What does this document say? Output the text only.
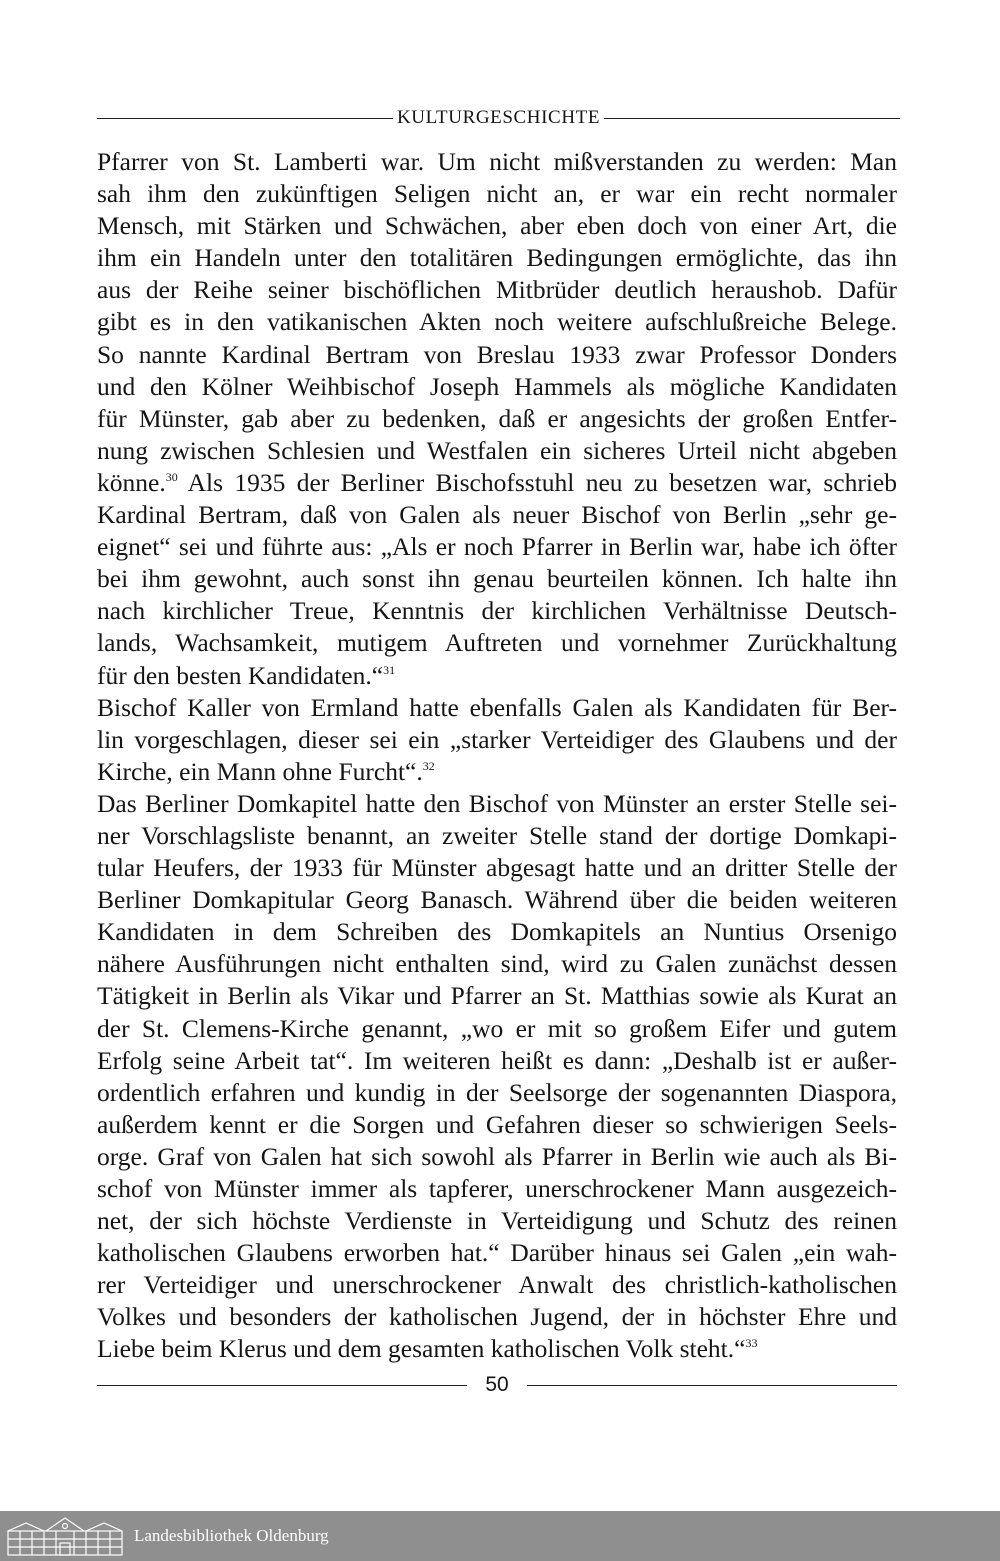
KULTURGESCHICHTE
Pfarrer von St. Lamberti war. Um nicht mißverstanden zu werden: Man
sah ihm den zukünftigen Seligen nicht an, er war ein recht normaler
Mensch, mit Stärken und Schwächen, aber eben doch von einer Art, die
ihm ein Handeln unter den totalitären Bedingungen ermöglichte, das ihn
aus der Reihe seiner bischöflichen Mitbrüder deutlich heraushob. Dafür
gibt es in den vatikanischen Akten noch weitere aufschlußreiche Belege.
So nannte Kardinal Bertram von Breslau 1933 zwar Professor Donders
und den Kölner Weihbischof Joseph Hammels als mögliche Kandidaten
für Münster, gab aber zu bedenken, daß er angesichts der großen Entfer-
nung zwischen Schlesien und Westfalen ein sicheres Urteil nicht abgeben
könne.$^{30}$ Als 1935 der Berliner Bischofsstuhl neu zu besetzen war, schrieb
Kardinal Bertram, daß von Galen als neuer Bischof von Berlin „sehr ge-
eignet“ sei und führte aus: „Als er noch Pfarrer in Berlin war, habe ich öfter
bei ihm gewohnt, auch sonst ihn genau beurteilen können. Ich halte ihn
nach kirchlicher Treue, Kenntnis der kirchlichen Verhältnisse Deutsch-
lands, Wachsamkeit, mutigem Auftreten und vornehmer Zurückhaltung
für den besten Kandidaten.“$^{31}$
Bischof Kaller von Ermland hatte ebenfalls Galen als Kandidaten für Ber-
lin vorgeschlagen, dieser sei ein „starker Verteidiger des Glaubens und der
Kirche, ein Mann ohne Furcht“.$^{32}$
Das Berliner Domkapitel hatte den Bischof von Münster an erster Stelle sei-
ner Vorschlagsliste benannt, an zweiter Stelle stand der dortige Domkapi-
tular Heufers, der 1933 für Münster abgesagt hatte und an dritter Stelle der
Berliner Domkapitular Georg Banasch. Während über die beiden weiteren
Kandidaten in dem Schreiben des Domkapitels an Nuntius Orsenigo
nähere Ausführungen nicht enthalten sind, wird zu Galen zunächst dessen
Tätigkeit in Berlin als Vikar und Pfarrer an St. Matthias sowie als Kurat an
der St. Clemens-Kirche genannt, „wo er mit so großem Eifer und gutem
Erfolg seine Arbeit tat“. Im weiteren heißt es dann: „Deshalb ist er außer-
ordentlich erfahren und kundig in der Seelsorge der sogenannten Diaspora,
außerdem kennt er die Sorgen und Gefahren dieser so schwierigen Seels-
orge. Graf von Galen hat sich sowohl als Pfarrer in Berlin wie auch als Bi-
schof von Münster immer als tapferer, unerschrockener Mann ausgezeich-
net, der sich höchste Verdienste in Verteidigung und Schutz des reinen
katholischen Glaubens erworben hat.“ Darüber hinaus sei Galen „ein wah-
rer Verteidiger und unerschrockener Anwalt des christlich-katholischen
Volkes und besonders der katholischen Jugend, der in höchster Ehre und
Liebe beim Klerus und dem gesamten katholischen Volk steht.“$^{33}$
50
Landesbibliothek Oldenburg
